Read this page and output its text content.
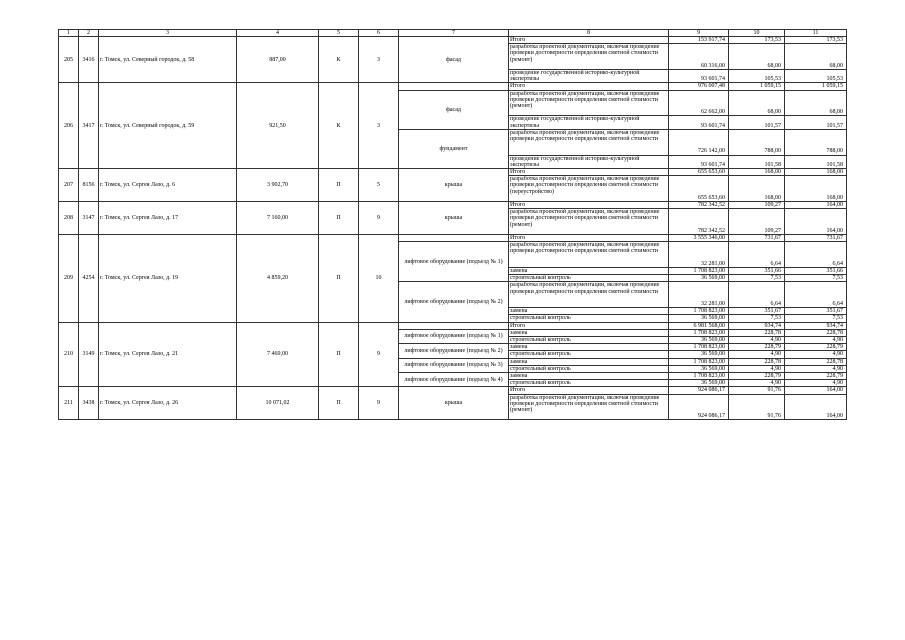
1	2	3	4	5	6	7	8	9	10	11
205	3416	г. Томск, ул. Северный городок, д. 58	887,00	К	3	фасад	Итого	153 917,74	173,53	173,53
							разработка проектной документации, включая проведение проверки достоверности определения сметной стоимости (ремонт)	60 316,00	68,00	68,00
							проведение государственной историко-культурной экспертизы	93 601,74	105,53	105,53
206	3417	г. Томск, ул. Северный городок, д. 59	921,50	К	3		Итого	976 007,48	1 059,15	1 059,15
						фасад	разработка проектной документации, включая проведение проверки достоверности определения сметной стоимости (ремонт)	62 662,00	68,00	68,00
							проведение государственной историко-культурной экспертизы	93 601,74	101,57	101,57
						фундамент	разработка проектной документации, включая проведение проверки достоверности определения сметной стоимости	726 142,00	788,00	788,00
							проведение государственной историко-культурной экспертизы	93 601,74	101,58	101,58
207	8156	г. Томск, ул. Сергея Лазо, д. 6	3 902,70	П	5	крыша	Итого	655 653,60	168,00	168,00
							разработка проектной документации, включая проведение проверки достоверности определения сметной стоимости (переустройство)	655 653,60	168,00	168,00
208	3147	г. Томск, ул. Сергея Лазо, д. 17	7 160,00	П	9	крыша	Итого	782 342,52	109,27	164,00
							разработка проектной документации, включая проведение проверки достоверности определения сметной стоимости (ремонт)	782 342,52	109,27	164,00
209	4254	г. Томск, ул. Сергея Лазо, д. 19	4 859,20	П	10		Итого	3 555 346,00	731,67	731,67
						лифтовое оборудование (подъезд № 1)	разработка проектной документации, включая проведение проверки достоверности определения сметной стоимости	32 281,00	6,64	6,64
							замена	1 708 823,00	351,66	351,66
							строительный контроль	36 569,00	7,53	7,53
						лифтовое оборудование (подъезд № 2)	разработка проектной документации, включая проведение проверки достоверности определения сметной стоимости	32 281,00	6,64	6,64
							замена	1 708 823,00	351,67	351,67
							строительный контроль	36 569,00	7,53	7,53
210	3149	г. Томск, ул. Сергея Лазо, д. 21	7 469,00	П	9		Итого	6 981 568,00	934,74	934,74
						лифтовое оборудование (подъезд № 1)	замена	1 708 823,00	228,78	228,78
							строительный контроль	36 569,00	4,90	4,90
						лифтовое оборудование (подъезд № 2)	замена	1 708 823,00	228,79	228,79
							строительный контроль	36 569,00	4,90	4,90
						лифтовое оборудование (подъезд № 3)	замена	1 708 823,00	228,78	228,78
							строительный контроль	36 569,00	4,90	4,90
						лифтовое оборудование (подъезд № 4)	замена	1 708 823,00	228,79	228,79
							строительный контроль	36 569,00	4,90	4,90
211	3438	г. Томск, ул. Сергея Лазо, д. 26	10 071,02	П	9	крыша	Итого	924 086,17	91,76	164,00
							разработка проектной документации, включая проведение проверки достоверности определения сметной стоимости (ремонт)	924 086,17	91,76	164,00
